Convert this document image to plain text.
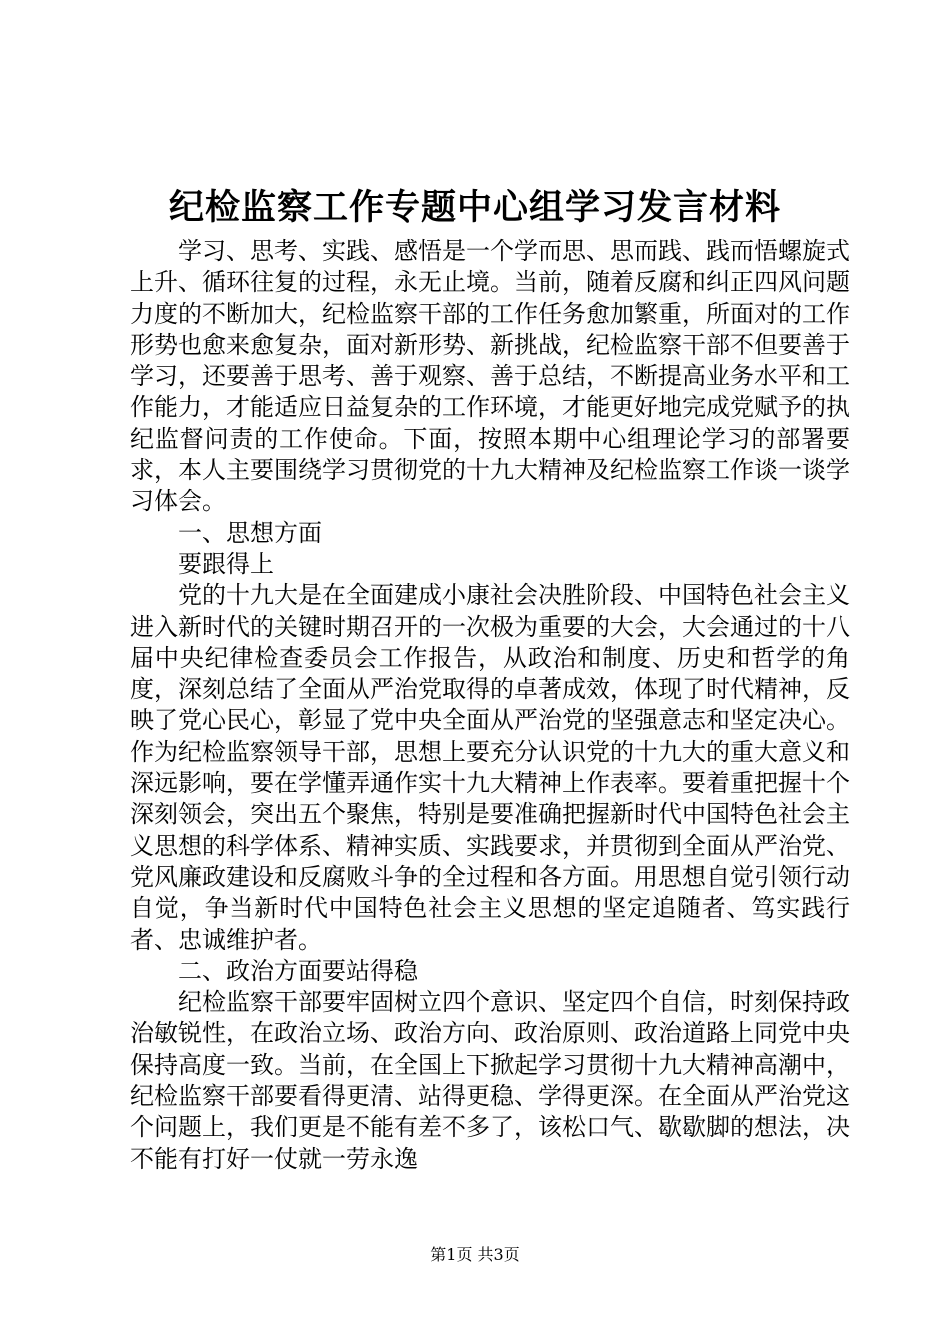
纪检监察工作专题中心组学习发言材料

学习、思考、实践、感悟是一个学而思、思而践、践而悟螺旋式上升、循环往复的过程，永无止境。当前，随着反腐和纠正四风问题力度的不断加大，纪检监察干部的工作任务愈加繁重，所面对的工作形势也愈来愈复杂，面对新形势、新挑战，纪检监察干部不但要善于学习，还要善于思考、善于观察、善于总结，不断提高业务水平和工作能力，才能适应日益复杂的工作环境，才能更好地完成党赋予的执纪监督问责的工作使命。下面，按照本期中心组理论学习的部署要求，本人主要围绕学习贯彻党的十九大精神及纪检监察工作谈一谈学习体会。

一、思想方面

要跟得上

党的十九大是在全面建成小康社会决胜阶段、中国特色社会主义进入新时代的关键时期召开的一次极为重要的大会，大会通过的十八届中央纪律检查委员会工作报告，从政治和制度、历史和哲学的角度，深刻总结了全面从严治党取得的卓著成效，体现了时代精神，反映了党心民心，彰显了党中央全面从严治党的坚强意志和坚定决心。作为纪检监察领导干部，思想上要充分认识党的十九大的重大意义和深远影响，要在学懂弄通作实十九大精神上作表率。要着重把握十个深刻领会，突出五个聚焦，特别是要准确把握新时代中国特色社会主义思想的科学体系、精神实质、实践要求，并贯彻到全面从严治党、党风廉政建设和反腐败斗争的全过程和各方面。用思想自觉引领行动自觉，争当新时代中国特色社会主义思想的坚定追随者、笃实践行者、忠诚维护者。

二、政治方面要站得稳

纪检监察干部要牢固树立四个意识、坚定四个自信，时刻保持政治敏锐性，在政治立场、政治方向、政治原则、政治道路上同党中央保持高度一致。当前，在全国上下掀起学习贯彻十九大精神高潮中，纪检监察干部要看得更清、站得更稳、学得更深。在全面从严治党这个问题上，我们更是不能有差不多了，该松口气、歇歇脚的想法，决不能有打好一仗就一劳永逸

第1页 共3页
